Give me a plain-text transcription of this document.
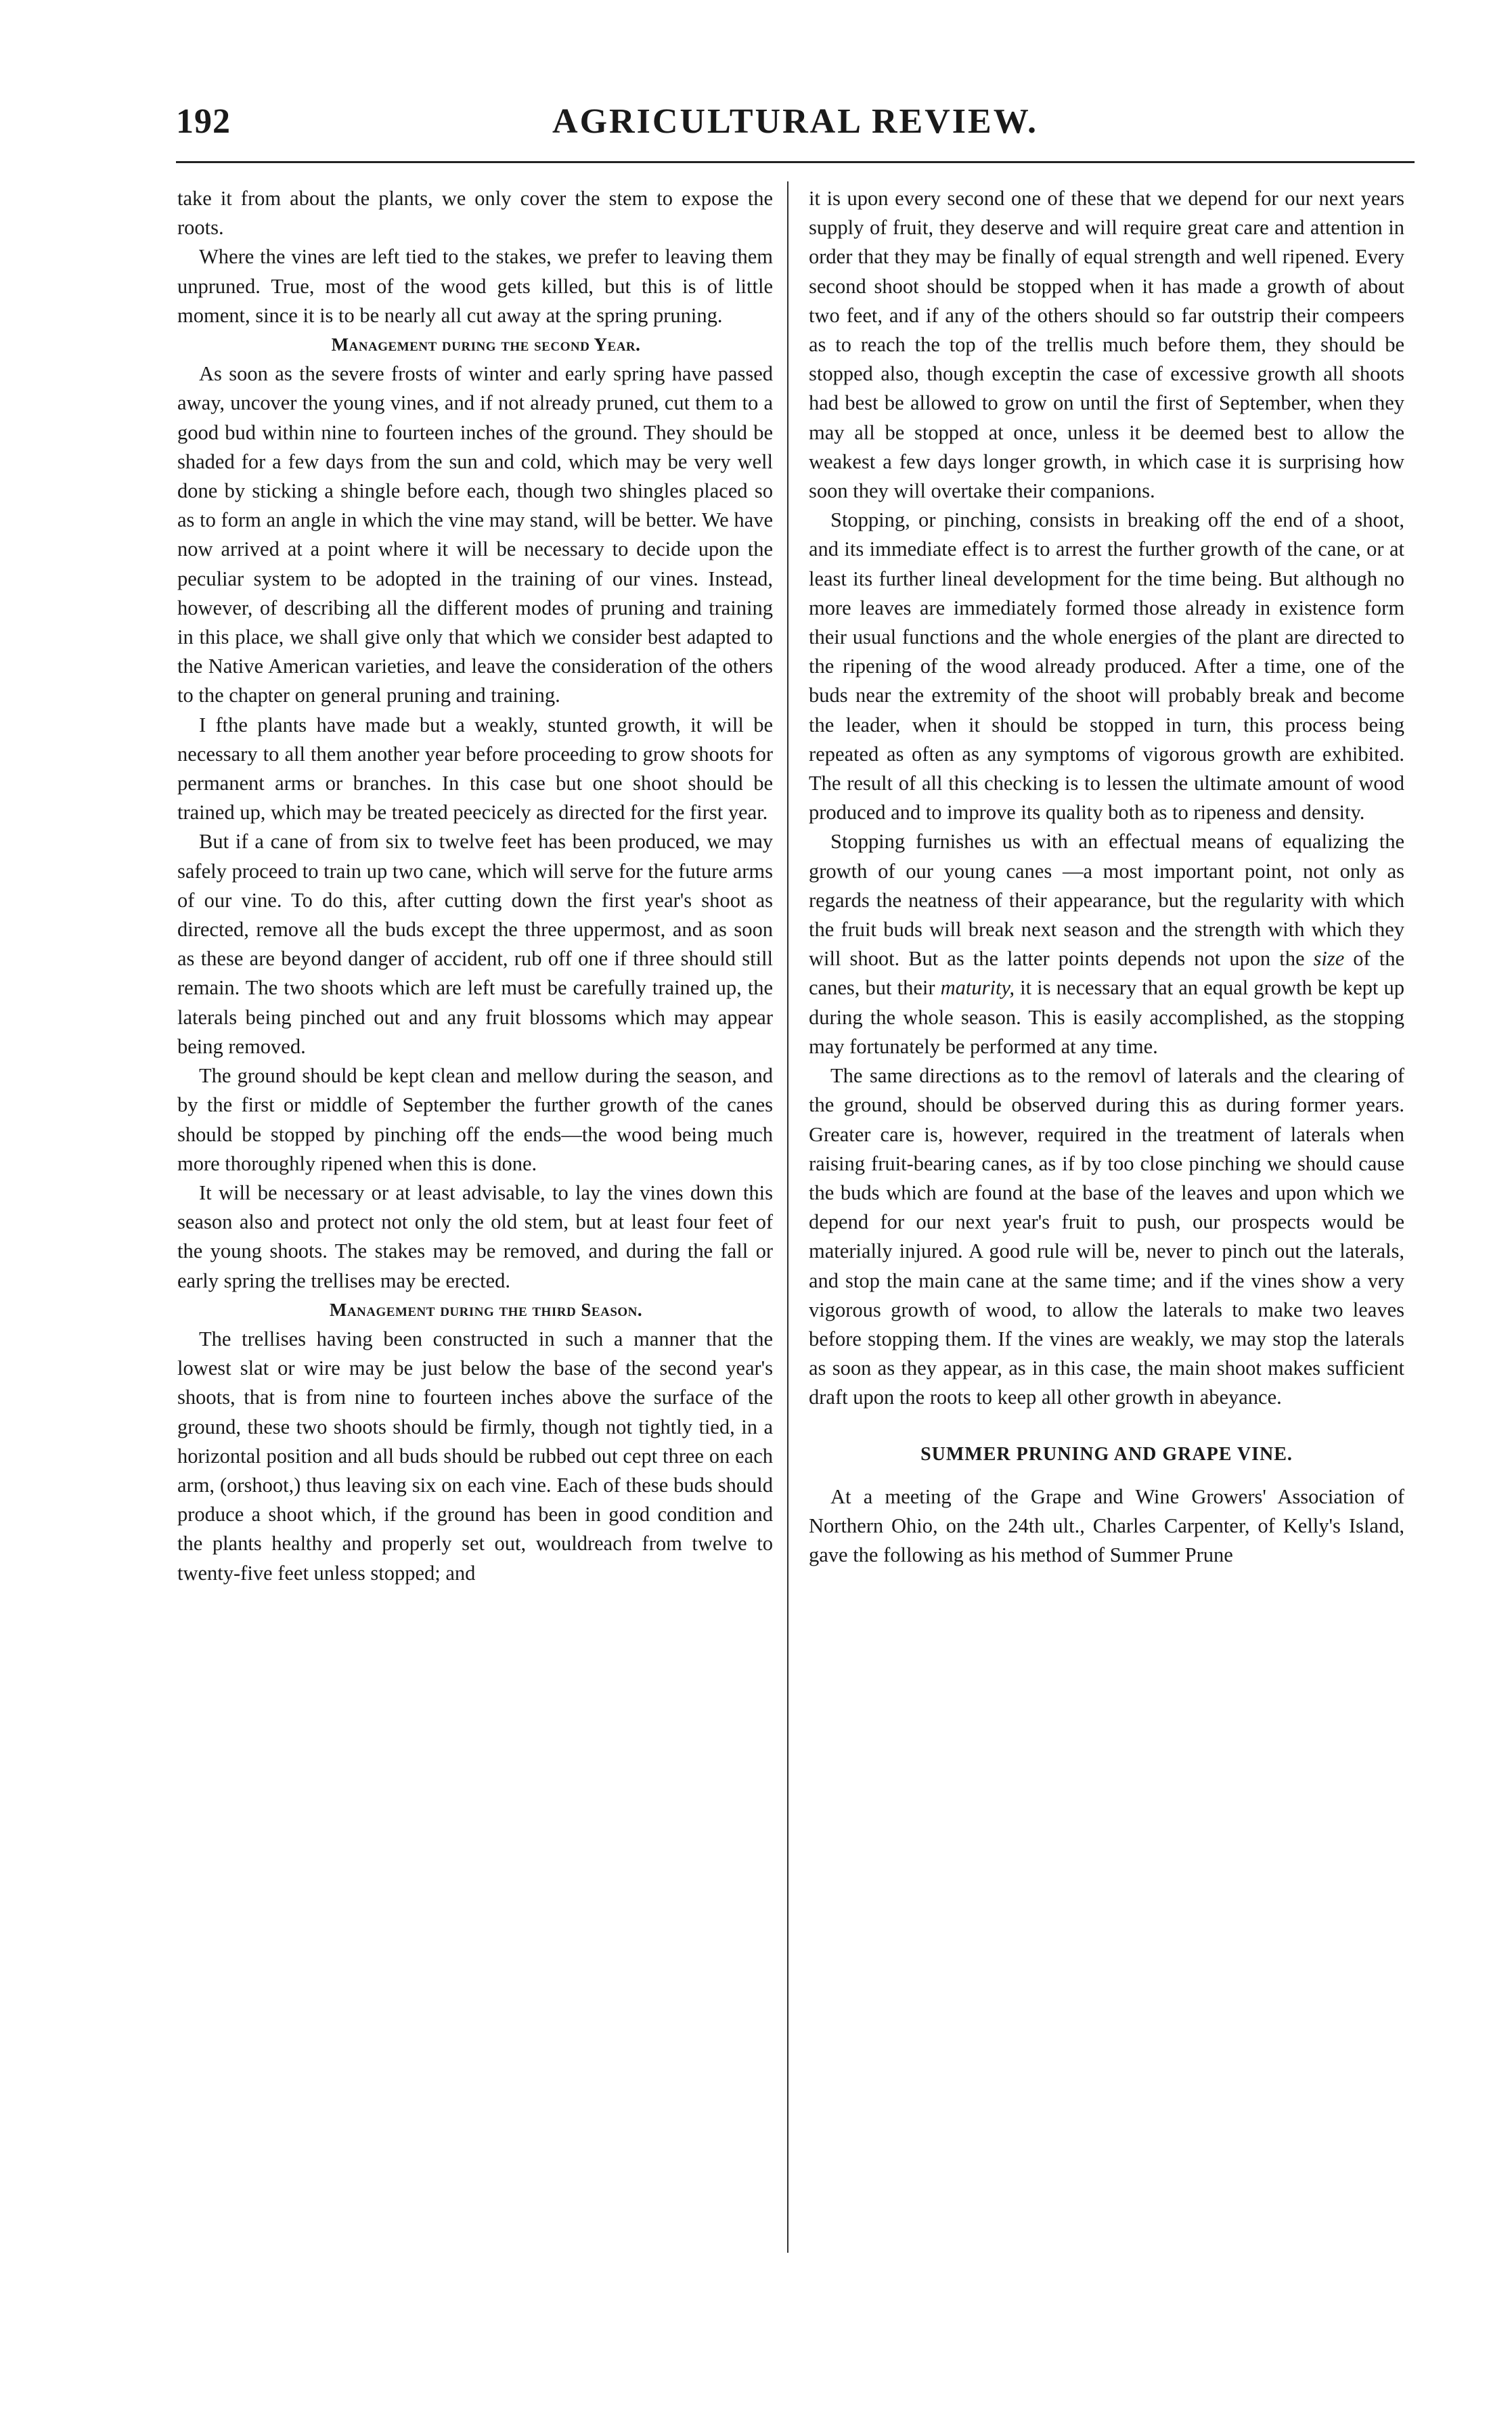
192	AGRICULTURAL REVIEW.

take it from about the plants, we only cover the stem to expose the roots.

Where the vines are left tied to the stakes, we prefer to leaving them unpruned. True, most of the wood gets killed, but this is of little moment, since it is to be nearly all cut away at the spring pruning.

Management during the second Year.

As soon as the severe frosts of winter and early spring have passed away, uncover the young vines, and if not already pruned, cut them to a good bud within nine to fourteen inches of the ground. They should be shaded for a few days from the sun and cold, which may be very well done by sticking a shingle before each, though two shingles placed so as to form an angle in which the vine may stand, will be better. We have now arrived at a point where it will be necessary to decide upon the peculiar system to be adopted in the training of our vines. Instead, however, of describing all the different modes of pruning and training in this place, we shall give only that which we consider best adapted to the Native American varieties, and leave the consideration of the others to the chapter on general pruning and training.

I fthe plants have made but a weakly, stunted growth, it will be necessary to all them another year before proceeding to grow shoots for permanent arms or branches. In this case but one shoot should be trained up, which may be treated peecicely as directed for the first year.

But if a cane of from six to twelve feet has been produced, we may safely proceed to train up two cane, which will serve for the future arms of our vine. To do this, after cutting down the first year's shoot as directed, remove all the buds except the three uppermost, and as soon as these are beyond danger of accident, rub off one if three should still remain. The two shoots which are left must be carefully trained up, the laterals being pinched out and any fruit blossoms which may appear being removed.

The ground should be kept clean and mellow during the season, and by the first or middle of September the further growth of the canes should be stopped by pinching off the ends—the wood being much more thoroughly ripened when this is done.

It will be necessary or at least advisable, to lay the vines down this season also and protect not only the old stem, but at least four feet of the young shoots. The stakes may be removed, and during the fall or early spring the trellises may be erected.

Management during the third Season.

The trellises having been constructed in such a manner that the lowest slat or wire may be just below the base of the second year's shoots, that is from nine to fourteen inches above the surface of the ground, these two shoots should be firmly, though not tightly tied, in a horizontal position and all buds should be rubbed out cept three on each arm, (orshoot,) thus leaving six on each vine. Each of these buds should produce a shoot which, if the ground has been in good condition and the plants healthy and properly set out, wouldreach from twelve to twenty-five feet unless stopped; and

it is upon every second one of these that we depend for our next years supply of fruit, they deserve and will require great care and attention in order that they may be finally of equal strength and well ripened. Every second shoot should be stopped when it has made a growth of about two feet, and if any of the others should so far outstrip their compeers as to reach the top of the trellis much before them, they should be stopped also, though exceptin the case of excessive growth all shoots had best be allowed to grow on until the first of September, when they may all be stopped at once, unless it be deemed best to allow the weakest a few days longer growth, in which case it is surprising how soon they will overtake their companions.

Stopping, or pinching, consists in breaking off the end of a shoot, and its immediate effect is to arrest the further growth of the cane, or at least its further lineal development for the time being. But although no more leaves are immediately formed those already in existence form their usual functions and the whole energies of the plant are directed to the ripening of the wood already produced. After a time, one of the buds near the extremity of the shoot will probably break and become the leader, when it should be stopped in turn, this process being repeated as often as any symptoms of vigorous growth are exhibited. The result of all this checking is to lessen the ultimate amount of wood produced and to improve its quality both as to ripeness and density.

Stopping furnishes us with an effectual means of equalizing the growth of our young canes —a most important point, not only as regards the neatness of their appearance, but the regularity with which the fruit buds will break next season and the strength with which they will shoot. But as the latter points depends not upon the size of the canes, but their maturity, it is necessary that an equal growth be kept up during the whole season. This is easily accomplished, as the stopping may fortunately be performed at any time.

The same directions as to the removl of laterals and the clearing of the ground, should be observed during this as during former years. Greater care is, however, required in the treatment of laterals when raising fruit-bearing canes, as if by too close pinching we should cause the buds which are found at the base of the leaves and upon which we depend for our next year's fruit to push, our prospects would be materially injured. A good rule will be, never to pinch out the laterals, and stop the main cane at the same time; and if the vines show a very vigorous growth of wood, to allow the laterals to make two leaves before stopping them. If the vines are weakly, we may stop the laterals as soon as they appear, as in this case, the main shoot makes sufficient draft upon the roots to keep all other growth in abeyance.

SUMMER PRUNING AND GRAPE VINE.

At a meeting of the Grape and Wine Growers' Association of Northern Ohio, on the 24th ult., Charles Carpenter, of Kelly's Island, gave the following as his method of Summer Prune
